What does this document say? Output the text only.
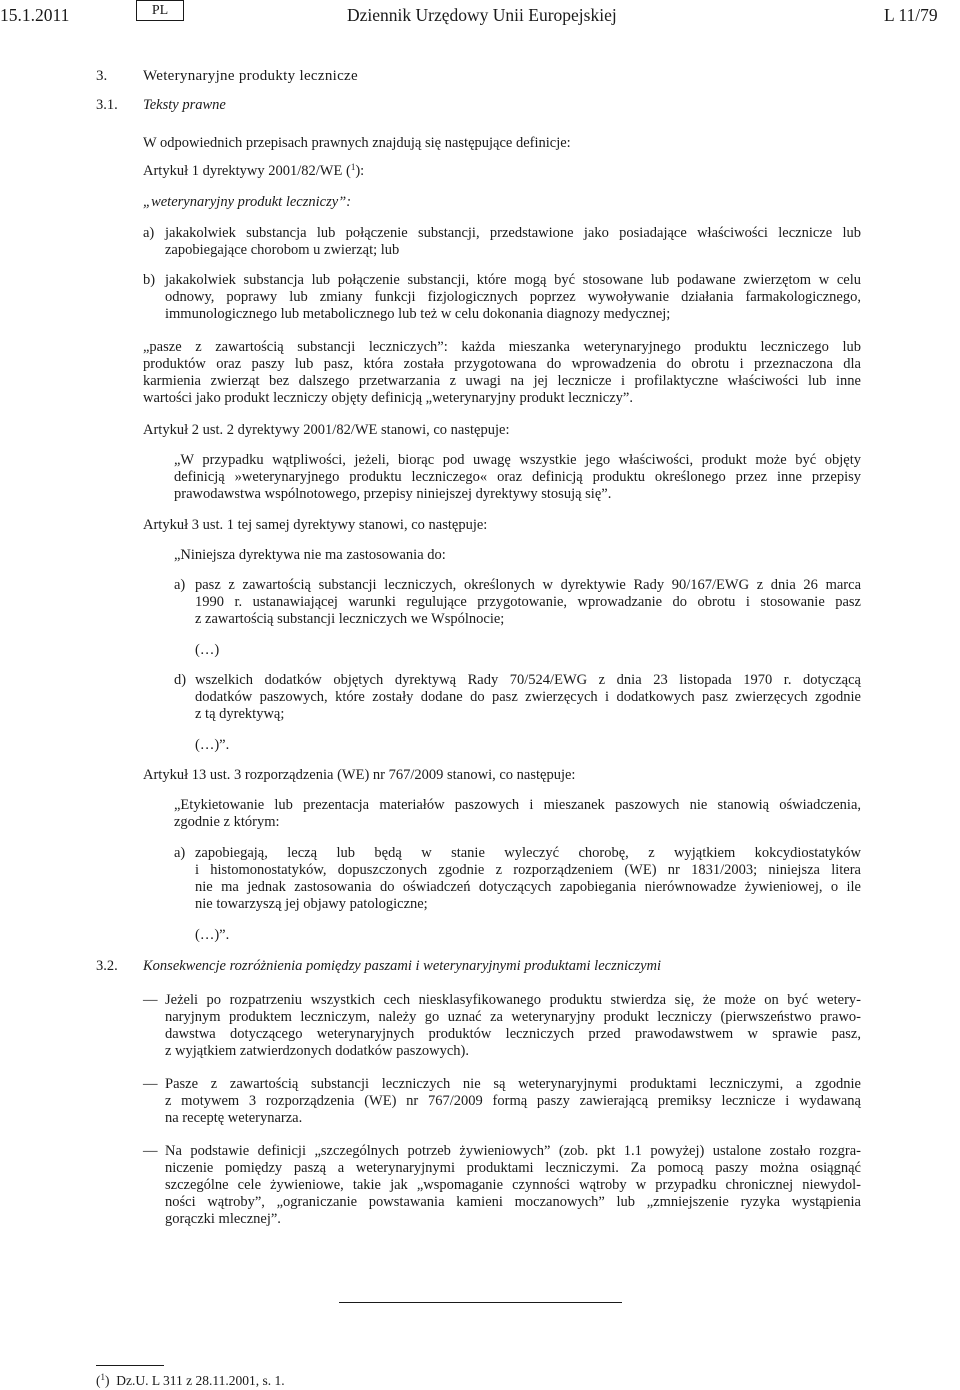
15.1.2011	PL	Dziennik Urzędowy Unii Europejskiej	L 11/79
3. Weterynaryjne produkty lecznicze
3.1. Teksty prawne
W odpowiednich przepisach prawnych znajdują się następujące definicje:
Artykuł 1 dyrektywy 2001/82/WE ($^1$):
„weterynaryjny produkt leczniczy”:
a) jakakolwiek substancja lub połączenie substancji, przedstawione jako posiadające właściwości lecznicze lub
zapobiegające chorobom u zwierząt; lub
b) jakakolwiek substancja lub połączenie substancji, które mogą być stosowane lub podawane zwierzętom w celu
odnowy, poprawy lub zmiany funkcji fizjologicznych poprzez wywoływanie działania farmakologicznego,
immunologicznego lub metabolicznego lub też w celu dokonania diagnozy medycznej;
„pasze z zawartością substancji leczniczych”: każda mieszanka weterynaryjnego produktu leczniczego lub
produktów oraz paszy lub pasz, która została przygotowana do wprowadzenia do obrotu i przeznaczona dla
karmienia zwierząt bez dalszego przetwarzania z uwagi na jej lecznicze i profilaktyczne właściwości lub inne
wartości jako produkt leczniczy objęty definicją „weterynaryjny produkt leczniczy”.
Artykuł 2 ust. 2 dyrektywy 2001/82/WE stanowi, co następuje:
„W przypadku wątpliwości, jeżeli, biorąc pod uwagę wszystkie jego właściwości, produkt może być objęty
definicją »weterynaryjnego produktu leczniczego« oraz definicją produktu określonego przez inne przepisy
prawodawstwa wspólnotowego, przepisy niniejszej dyrektywy stosują się”.
Artykuł 3 ust. 1 tej samej dyrektywy stanowi, co następuje:
„Niniejsza dyrektywa nie ma zastosowania do:
a) pasz z zawartością substancji leczniczych, określonych w dyrektywie Rady 90/167/EWG z dnia 26 marca
1990 r. ustanawiającej warunki regulujące przygotowanie, wprowadzanie do obrotu i stosowanie pasz
z zawartością substancji leczniczych we Wspólnocie;
(…)
d) wszelkich dodatków objętych dyrektywą Rady 70/524/EWG z dnia 23 listopada 1970 r. dotyczącą
dodatków paszowych, które zostały dodane do pasz zwierzęcych i dodatkowych pasz zwierzęcych zgodnie
z tą dyrektywą;
(…)”.
Artykuł 13 ust. 3 rozporządzenia (WE) nr 767/2009 stanowi, co następuje:
„Etykietowanie lub prezentacja materiałów paszowych i mieszanek paszowych nie stanowią oświadczenia,
zgodnie z którym:
a) zapobiegają, leczą lub będą w stanie wyleczyć chorobę, z wyjątkiem kokcydiostatyków
i histomonostatyków, dopuszczonych zgodnie z rozporządzeniem (WE) nr 1831/2003; niniejsza litera
nie ma jednak zastosowania do oświadczeń dotyczących zapobiegania nierównowadze żywieniowej, o ile
nie towarzyszą jej objawy patologiczne;
(…)”.
3.2. Konsekwencje rozróżnienia pomiędzy paszami i weterynaryjnymi produktami leczniczymi
— Jeżeli po rozpatrzeniu wszystkich cech niesklasyfikowanego produktu stwierdza się, że może on być wetery-
naryjnym produktem leczniczym, należy go uznać za weterynaryjny produkt leczniczy (pierwszeństwo prawo-
dawstwa dotyczącego weterynaryjnych produktów leczniczych przed prawodawstwem w sprawie pasz,
z wyjątkiem zatwierdzonych dodatków paszowych).
— Pasze z zawartością substancji leczniczych nie są weterynaryjnymi produktami leczniczymi, a zgodnie
z motywem 3 rozporządzenia (WE) nr 767/2009 formą paszy zawierającą premiksy lecznicze i wydawaną
na receptę weterynarza.
— Na podstawie definicji „szczególnych potrzeb żywieniowych” (zob. pkt 1.1 powyżej) ustalone zostało rozgra-
niczenie pomiędzy paszą a weterynaryjnymi produktami leczniczymi. Za pomocą paszy można osiągnąć
szczególne cele żywieniowe, takie jak „wspomaganie czynności wątroby w przypadku chronicznej niewydol-
ności wątroby”, „ograniczanie powstawania kamieni moczanowych” lub „zmniejszenie ryzyka wystąpienia
gorączki mlecznej”.
($^1$)  Dz.U. L 311 z 28.11.2001, s. 1.
